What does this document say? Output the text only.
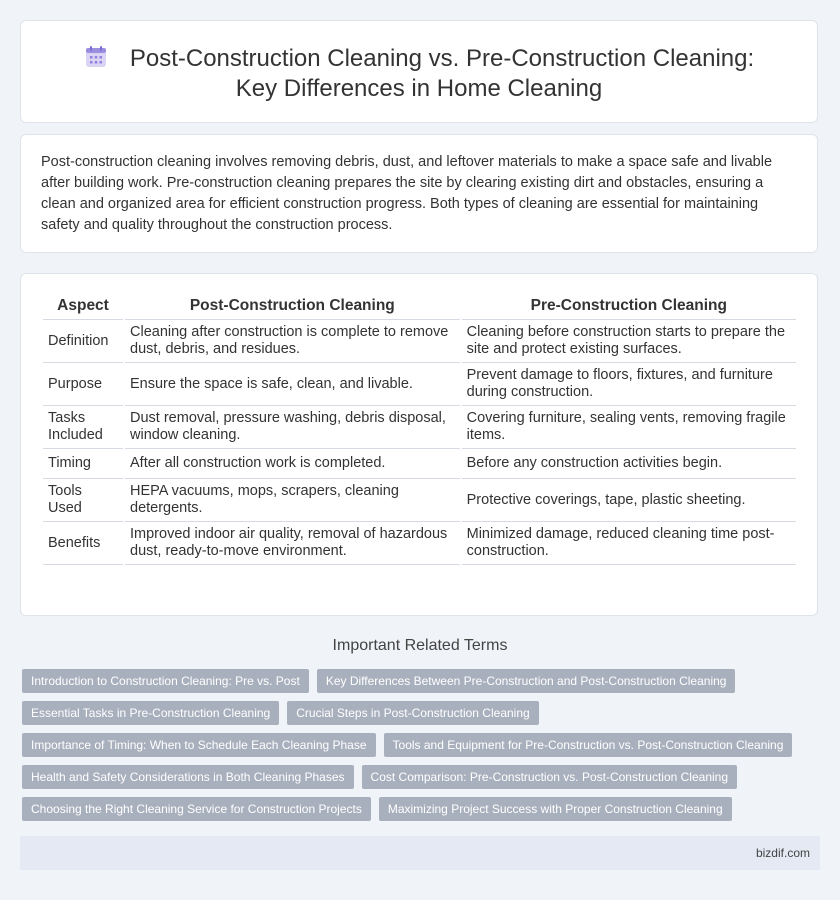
Post-Construction Cleaning vs. Pre-Construction Cleaning: Key Differences in Home Cleaning

Post-construction cleaning involves removing debris, dust, and leftover materials to make a space safe and livable after building work. Pre-construction cleaning prepares the site by clearing existing dirt and obstacles, ensuring a clean and organized area for efficient construction progress. Both types of cleaning are essential for maintaining safety and quality throughout the construction process.

Aspect	Post-Construction Cleaning	Pre-Construction Cleaning
Definition	Cleaning after construction is complete to remove dust, debris, and residues.	Cleaning before construction starts to prepare the site and protect existing surfaces.
Purpose	Ensure the space is safe, clean, and livable.	Prevent damage to floors, fixtures, and furniture during construction.
Tasks Included	Dust removal, pressure washing, debris disposal, window cleaning.	Covering furniture, sealing vents, removing fragile items.
Timing	After all construction work is completed.	Before any construction activities begin.
Tools Used	HEPA vacuums, mops, scrapers, cleaning detergents.	Protective coverings, tape, plastic sheeting.
Benefits	Improved indoor air quality, removal of hazardous dust, ready-to-move environment.	Minimized damage, reduced cleaning time post-construction.
Important Related Terms
Introduction to Construction Cleaning: Pre vs. Post	Key Differences Between Pre-Construction and Post-Construction Cleaning
Essential Tasks in Pre-Construction Cleaning	Crucial Steps in Post-Construction Cleaning
Importance of Timing: When to Schedule Each Cleaning Phase	Tools and Equipment for Pre-Construction vs. Post-Construction Cleaning
Health and Safety Considerations in Both Cleaning Phases	Cost Comparison: Pre-Construction vs. Post-Construction Cleaning
Choosing the Right Cleaning Service for Construction Projects	Maximizing Project Success with Proper Construction Cleaning
bizdif.com
